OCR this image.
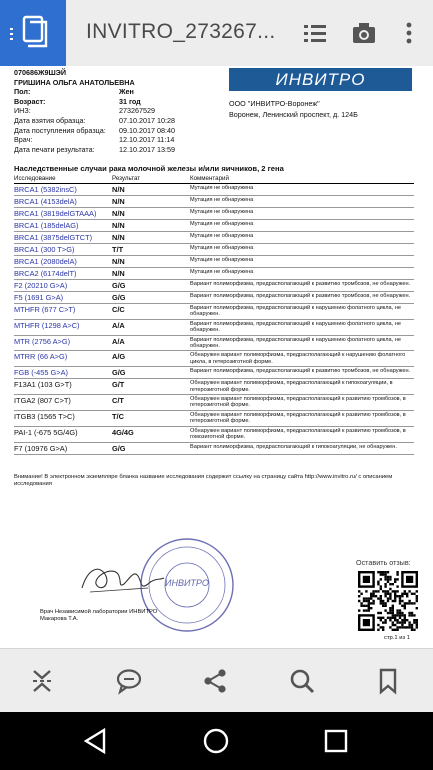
INVITRO_273267...
070686Ж9ШЭЙ
ГРИШИНА ОЛЬГА АНАТОЛЬЕВНА
Пол:	Жен
Возраст:	31 год
ИНЗ:	273267529
Дата взятия образца:	07.10.2017 10:28
Дата поступления образца:	09.10.2017 08:40
Врач:	12.10.2017 11:14
Дата печати результата:	12.10.2017 13:59
ИНВИТРО
ООО "ИНВИТРО-Воронеж"
Воронеж, Ленинский проспект, д. 124Б
Наследственные случаи рака молочной железы и/или яичников, 2 гена
Исследование	Результат	Комментарий
BRCA1 (5382insC)	N/N	Мутация не обнаружена
BRCA1 (4153delA)	N/N	Мутация не обнаружена
BRCA1 (3819delGTAAA)	N/N	Мутация не обнаружена
BRCA1 (185delAG)	N/N	Мутация не обнаружена
BRCA1 (3875delGTCT)	N/N	Мутация не обнаружена
BRCA1 (300 T>G)	T/T	Мутация не обнаружена
BRCA1 (2080delA)	N/N	Мутация не обнаружена
BRCA2 (6174delT)	N/N	Мутация не обнаружена
F2 (20210 G>A)	G/G	Вариант полиморфизма, предрасполагающий к развитию тромбозов, не обнаружен.
F5 (1691 G>A)	G/G	Вариант полиморфизма, предрасполагающий к развитию тромбозов, не обнаружен.
MTHFR (677 C>T)	C/C	Вариант полиморфизма, предрасполагающий к нарушению фолатного цикла, не обнаружен.
MTHFR (1298 A>C)	A/A	Вариант полиморфизма, предрасполагающий к нарушению фолатного цикла, не обнаружен.
MTR (2756 A>G)	A/A	Вариант полиморфизма, предрасполагающий к нарушению фолатного цикла, не обнаружен.
MTRR (66 A>G)	A/G	Обнаружен вариант полиморфизма, предрасполагающий к нарушению фолатного цикла, в гетерозиготной форме.
FGB (-455 G>A)	G/G	Вариант полиморфизма, предрасполагающий к развитию тромбозов, не обнаружен.
F13A1 (103 G>T)	G/T	Обнаружен вариант полиморфизма, предрасполагающий к гипокоагуляции, в гетерозиготной форме.
ITGA2 (807 C>T)	C/T	Обнаружен вариант полиморфизма, предрасполагающий к развитию тромбозов, в гетерозиготной форме.
ITGB3 (1565 T>C)	T/C	Обнаружен вариант полиморфизма, предрасполагающий к развитию тромбозов, в гетерозиготной форме.
PAI-1 (-675 5G/4G)	4G/4G	Обнаружен вариант полиморфизма, предрасполагающий к развитию тромбозов, в гомозиготной форме.
F7 (10976 G>A)	G/G	Вариант полиморфизма, предрасполагающий к гипокоагуляции, не обнаружен.
Внимание! В электронном экземпляре бланка название исследования содержит ссылку на страницу сайта http://www.invitro.ru/ с описанием исследования
ИНВИТРО
Врач Независимой лаборатории ИНВИТРО
Макарова Т.А.
Оставить отзыв:
стр.1 из 1
